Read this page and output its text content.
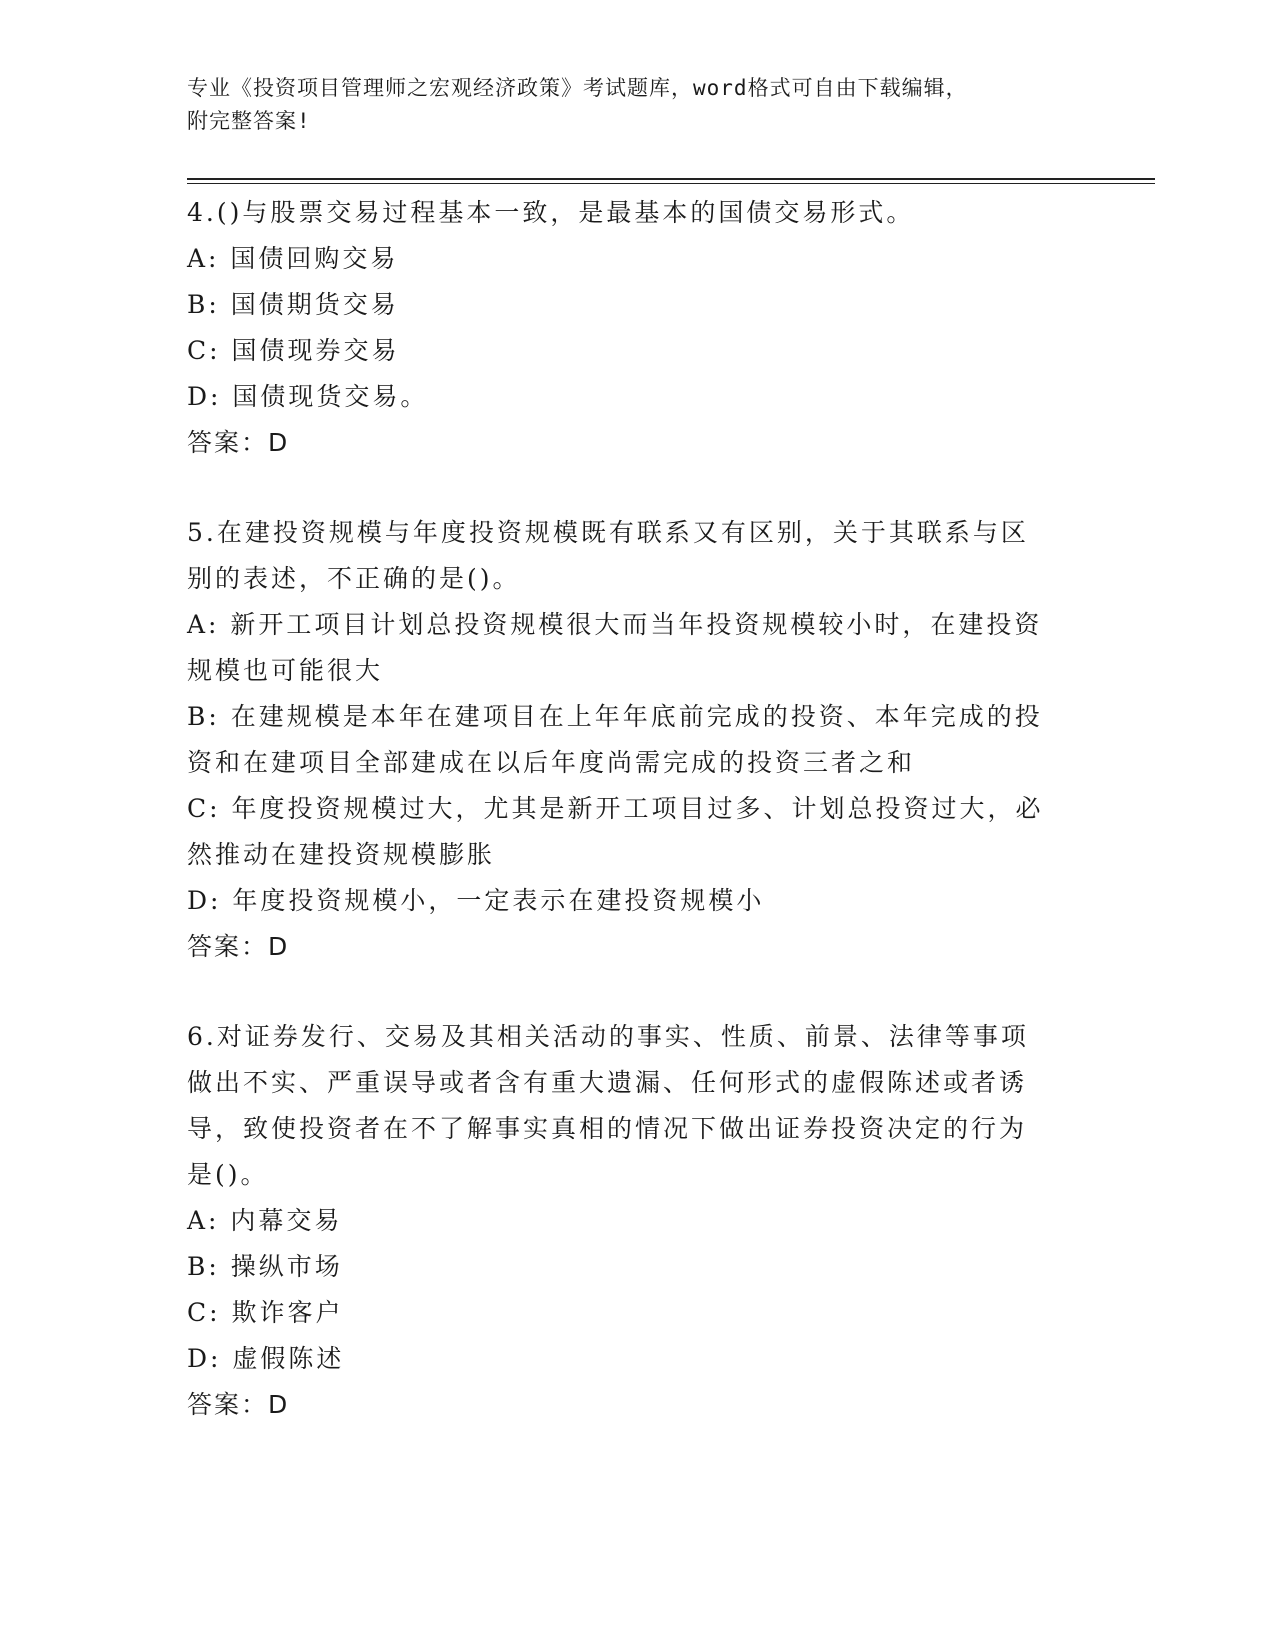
专业《投资项目管理师之宏观经济政策》考试题库，word格式可自由下载编辑，
附完整答案!
4.()与股票交易过程基本一致，是最基本的国债交易形式。
A: 国债回购交易
B: 国债期货交易
C: 国债现券交易
D: 国债现货交易。
答案：D
5.在建投资规模与年度投资规模既有联系又有区别，关于其联系与区
别的表述，不正确的是()。
A: 新开工项目计划总投资规模很大而当年投资规模较小时，在建投资
规模也可能很大
B: 在建规模是本年在建项目在上年年底前完成的投资、本年完成的投
资和在建项目全部建成在以后年度尚需完成的投资三者之和
C: 年度投资规模过大，尤其是新开工项目过多、计划总投资过大，必
然推动在建投资规模膨胀
D: 年度投资规模小，一定表示在建投资规模小
答案：D
6.对证券发行、交易及其相关活动的事实、性质、前景、法律等事项
做出不实、严重误导或者含有重大遗漏、任何形式的虚假陈述或者诱
导，致使投资者在不了解事实真相的情况下做出证券投资决定的行为
是()。
A: 内幕交易
B: 操纵市场
C: 欺诈客户
D: 虚假陈述
答案：D
